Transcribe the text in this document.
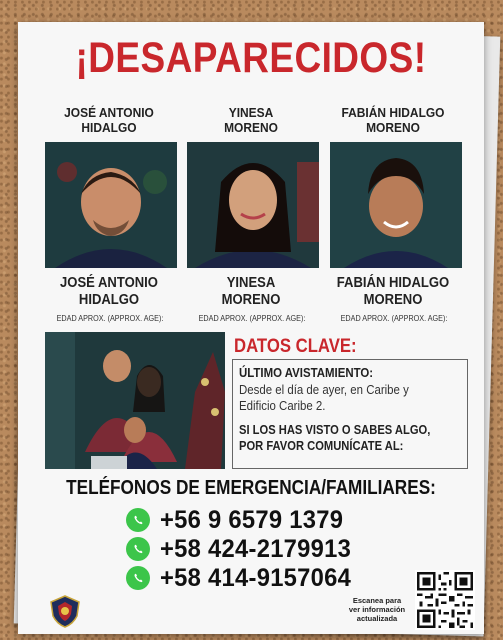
¡DESAPARECIDOS!
JOSÉ ANTONIO
HIDALGO
YINESA
MORENO
FABIÁN HIDALGO
MORENO
JOSÉ ANTONIO
HIDALGO
YINESA
MORENO
FABIÁN HIDALGO
MORENO
EDAD APROX. (APPROX. AGE):	EDAD APROX. (APPROX. AGE):	EDAD APROX. (APPROX. AGE):
DATOS CLAVE:
ÚLTIMO AVISTAMIENTO:
Desde el día de ayer, en Caribe y
Edificio Caribe 2.
SI LOS HAS VISTO O SABES ALGO,
POR FAVOR COMUNÍCATE AL:
TELÉFONOS DE EMERGENCIA/FAMILIARES:
+56 9 6579 1379
+58 424-2179913
+58 414-9157064
Escanea para
ver información
actualizada
